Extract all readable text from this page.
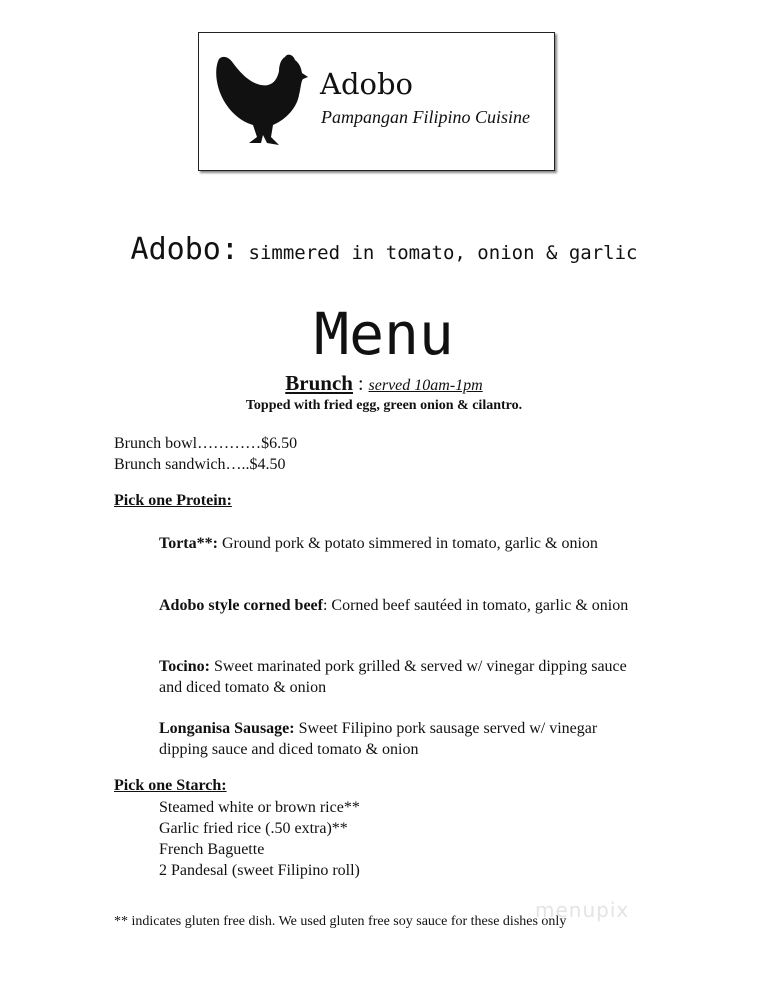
Adobo
Pampangan Filipino Cuisine
Adobo: simmered in tomato, onion & garlic
Menu
Brunch : served 10am-1pm
Topped with fried egg, green onion & cilantro.
Brunch bowl…………$6.50
Brunch sandwich…..$4.50
Pick one Protein:
Torta**: Ground pork & potato simmered in tomato, garlic & onion
Adobo style corned beef: Corned beef sautéed in tomato, garlic & onion
Tocino: Sweet marinated pork grilled & served w/ vinegar dipping sauce and diced tomato & onion
Longanisa Sausage: Sweet Filipino pork sausage served w/ vinegar dipping sauce and diced tomato & onion
Pick one Starch:
Steamed white or brown rice**
Garlic fried rice (.50 extra)**
French Baguette
2 Pandesal (sweet Filipino roll)
menupix
** indicates gluten free dish. We used gluten free soy sauce for these dishes only
